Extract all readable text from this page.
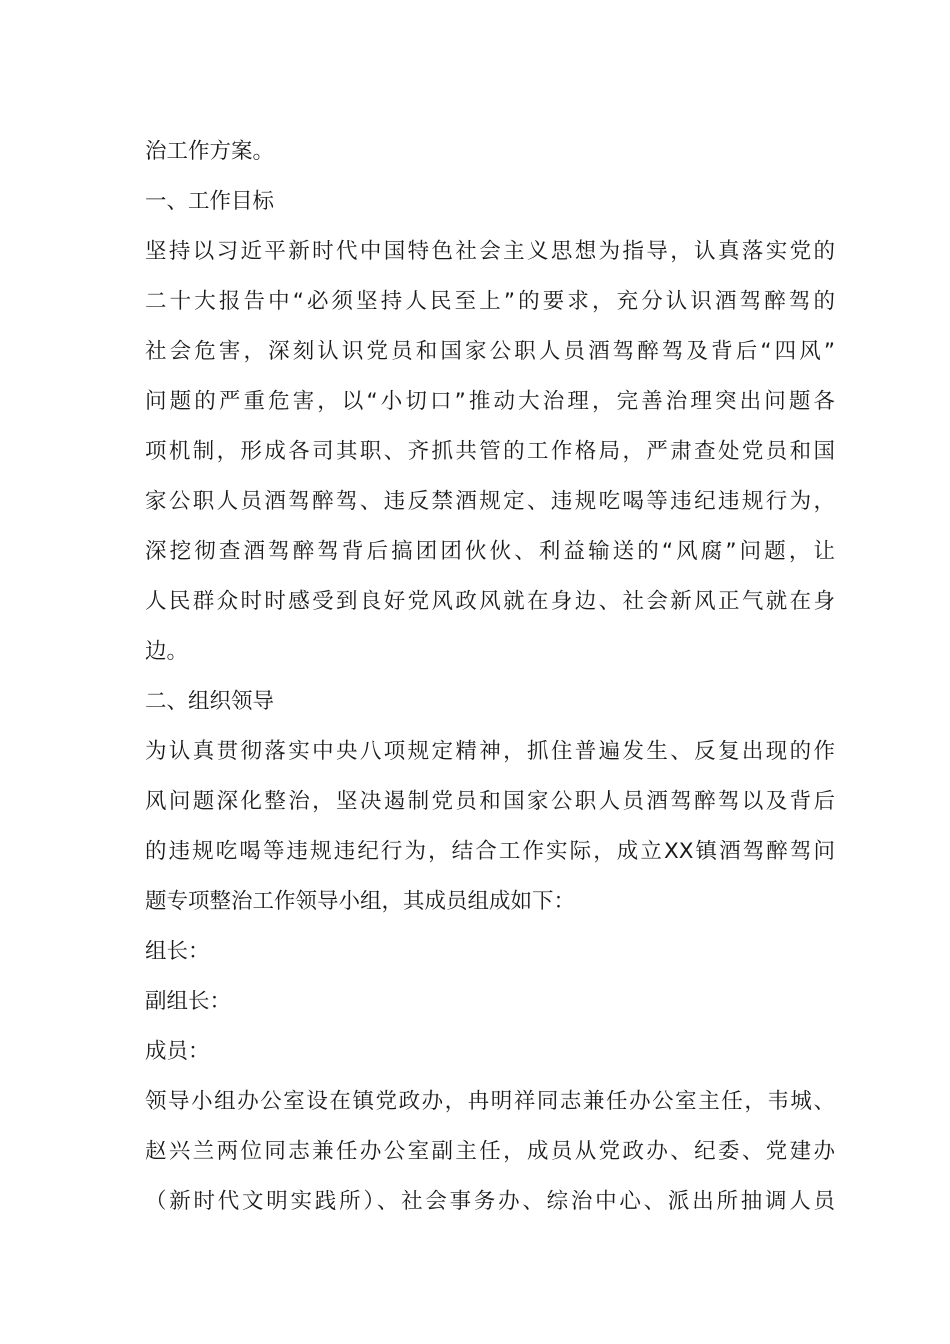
治工作方案。
一、工作目标
坚持以习近平新时代中国特色社会主义思想为指导，认真落实党的
二十大报告中“必须坚持人民至上”的要求，充分认识酒驾醉驾的
社会危害，深刻认识党员和国家公职人员酒驾醉驾及背后“四风”
问题的严重危害，以“小切口”推动大治理，完善治理突出问题各
项机制，形成各司其职、齐抓共管的工作格局，严肃查处党员和国
家公职人员酒驾醉驾、违反禁酒规定、违规吃喝等违纪违规行为，
深挖彻查酒驾醉驾背后搞团团伙伙、利益输送的“风腐”问题，让
人民群众时时感受到良好党风政风就在身边、社会新风正气就在身
边。
二、组织领导
为认真贯彻落实中央八项规定精神，抓住普遍发生、反复出现的作
风问题深化整治，坚决遏制党员和国家公职人员酒驾醉驾以及背后
的违规吃喝等违规违纪行为，结合工作实际，成立XX镇酒驾醉驾问
题专项整治工作领导小组，其成员组成如下：
组长：
副组长：
成员：
领导小组办公室设在镇党政办，冉明祥同志兼任办公室主任，韦城、
赵兴兰两位同志兼任办公室副主任，成员从党政办、纪委、党建办
（新时代文明实践所）、社会事务办、综治中心、派出所抽调人员
